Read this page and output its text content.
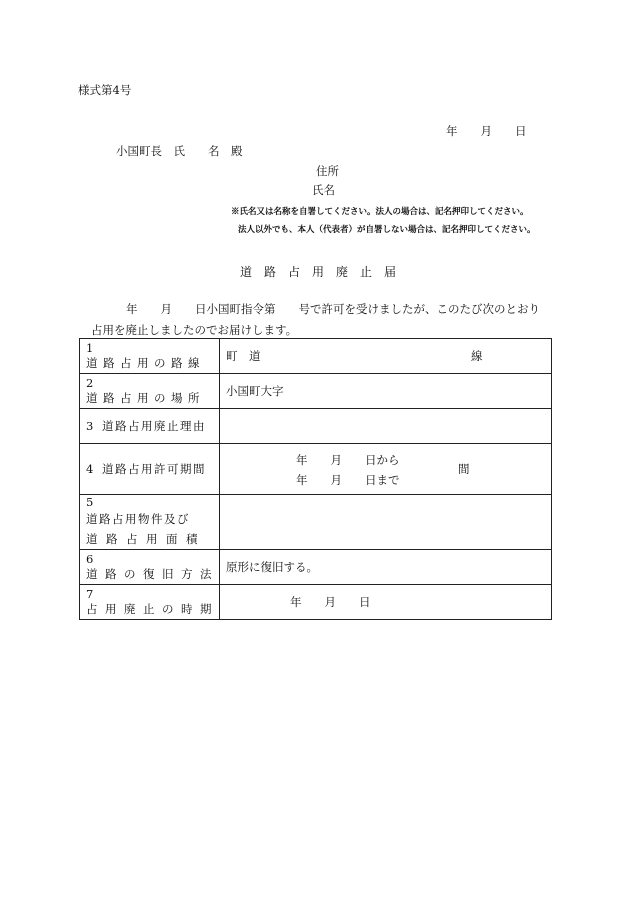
様式第4号
年　　月　　日
小国町長　氏　　名　殿
住所
氏名
※氏名又は名称を自署してください。法人の場合は、記名押印してください。
法人以外でも、本人（代表者）が自署しない場合は、記名押印してください。
道路占用廃止届
年　　月　　日小国町指令第　　号で許可を受けましたが、このたび次のとおり
占用を廃止しましたのでお届けします。
1道路占用の路線	町　道 線

2道路占用の場所	小国町大字
3 道路占用廃止理由	
4 道路占用許可期間	年　　月　　日から
年　　月　　日まで
間

5
道路占用物件及び
道路占用面積	

6道路の復旧方法	原形に復旧する。
7占用廃止の時期	年　　月　　日
